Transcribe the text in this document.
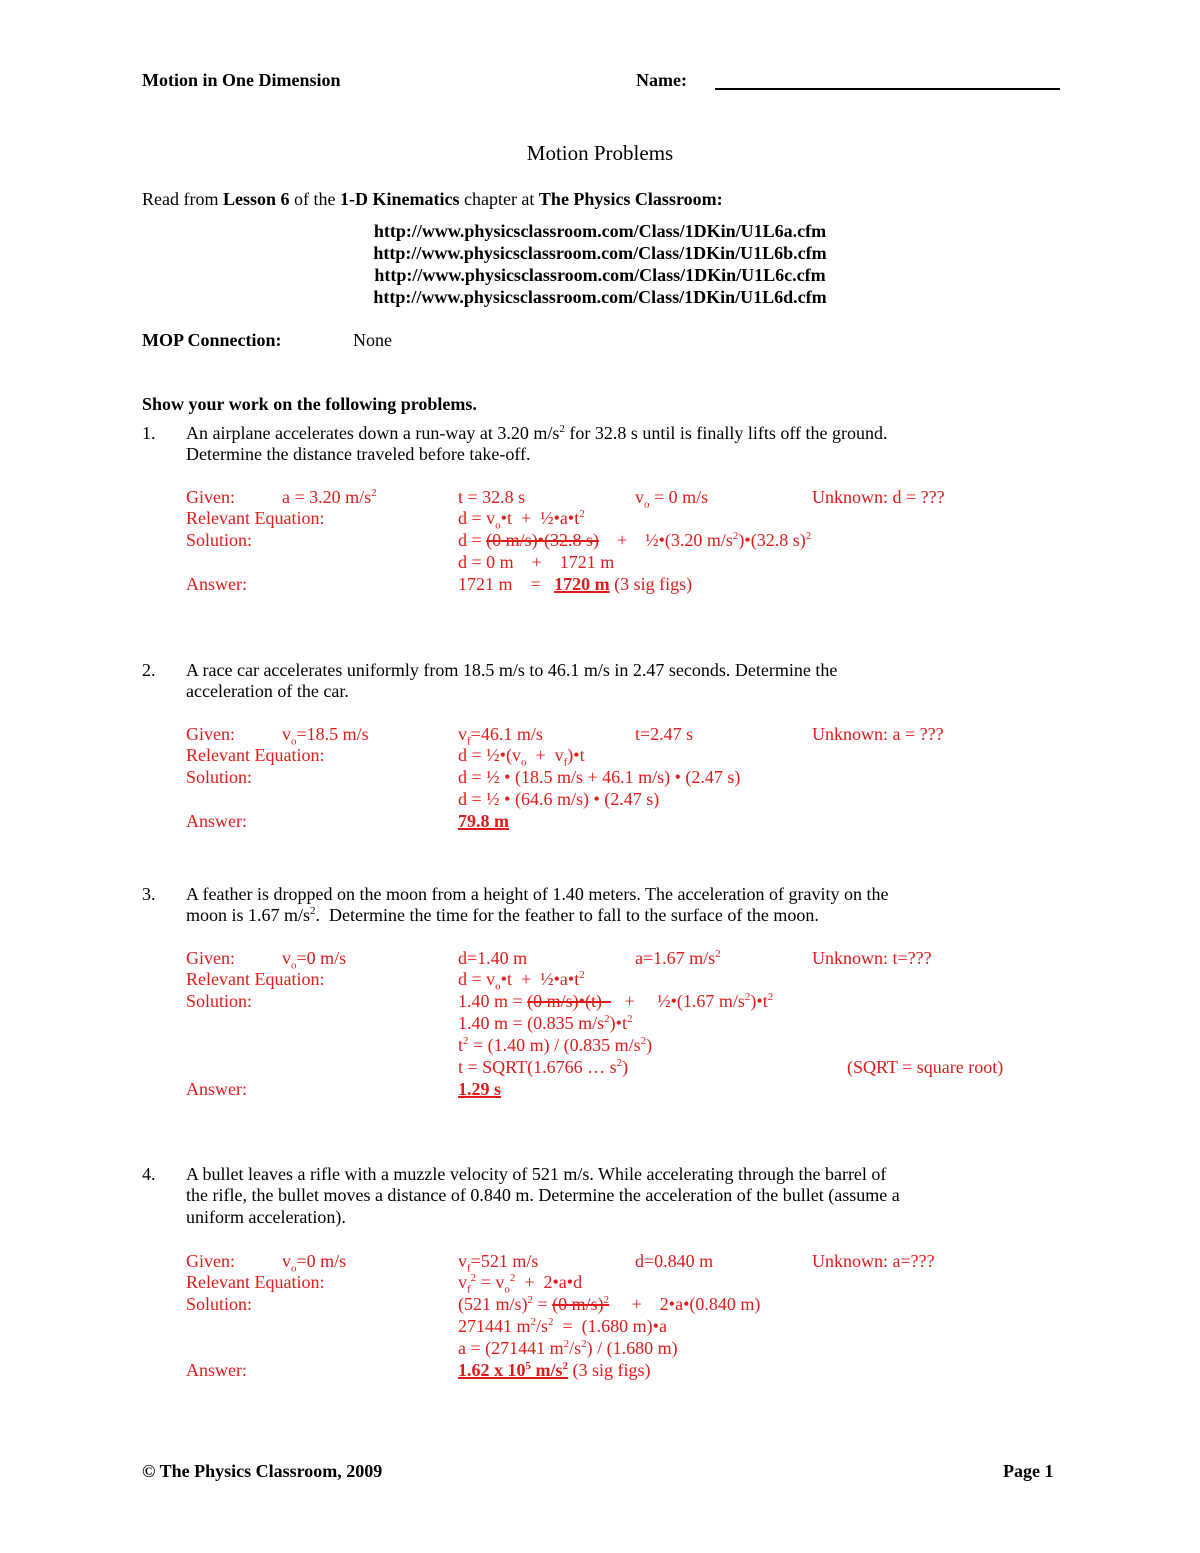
Motion in One Dimension	Name:
Motion Problems
Read from Lesson 6 of the 1-D Kinematics chapter at The Physics Classroom:
http://www.physicsclassroom.com/Class/1DKin/U1L6a.cfm
http://www.physicsclassroom.com/Class/1DKin/U1L6b.cfm
http://www.physicsclassroom.com/Class/1DKin/U1L6c.cfm
http://www.physicsclassroom.com/Class/1DKin/U1L6d.cfm
MOP Connection:	None
Show your work on the following problems.
1. An airplane accelerates down a run-way at 3.20 $m/s^2$ for 32.8 s until is finally lifts off the ground.
Determine the distance traveled before take-off.
Given:	a = 3.20 $m/s^2$	t = 32.8 s	$v_o = 0$ m/s	Unknown: d = ???
Relevant Equation:	$d = v_o•t$  +  $\frac{1}{2}•a•t^2$
Solution:	d = (0 m/s)•(32.8 s)    +    ½•(3.20 $m/s^2)•(32.8$ s)$^2$
d = 0 m    +    1721 m
Answer:	1721 m    =   1720 m (3 sig figs)
2. A race car accelerates uniformly from 18.5 m/s to 46.1 m/s in 2.47 seconds. Determine the
acceleration of the car.
Given:	$v_o=18.5$ m/s	$v_f=46.1$ m/s	t=2.47 s	Unknown: a = ???
Relevant Equation:	$d = \frac{1}{2}•(v_o$  +  $v_f)•t$
Solution:	d = ½ • (18.5 m/s + 46.1 m/s) • (2.47 s)
d = ½ • (64.6 m/s) • (2.47 s)
Answer:	79.8 m
3. A feather is dropped on the moon from a height of 1.40 meters. The acceleration of gravity on the
moon is 1.67 $m/s^2$.  Determine the time for the feather to fall to the surface of the moon.
Given:	$v_o=0$ m/s	d=1.40 m	a=1.67 $m/s^2$	Unknown: t=???
Relevant Equation:	$d = v_o•t$  +  $\frac{1}{2}•a•t^2$
Solution:	1.40 m = (0 m/s)•(t)     +     ½•(1.67 $m/s^2)•t^2$
1.40 m = (0.835 $m/s^2)•t^2$
$t^2 = (1.40$ m) / (0.835 $m/s^2$)
t = SQRT(1.6766 … $s^2$)	(SQRT = square root)
Answer:	1.29 s
4. A bullet leaves a rifle with a muzzle velocity of 521 m/s. While accelerating through the barrel of
the rifle, the bullet moves a distance of 0.840 m. Determine the acceleration of the bullet (assume a
uniform acceleration).
Given:	$v_o=0$ m/s	$v_f=521$ m/s	d=0.840 m	Unknown: a=???
Relevant Equation:	$v_f^2 = v_o^2$  +  2•a•d
Solution:	(521 m/s)$^2$ = (0 m/s)$^2$     +    2•a•(0.840 m)
271441 $m^2/s^2 = (1.680$ m)•a
a = (271441 $m^2/s^2) / (1.680$ m)
Answer:	1.62 x $10^5$ $m/s^2$ (3 sig figs)
© The Physics Classroom, 2009	Page 1
